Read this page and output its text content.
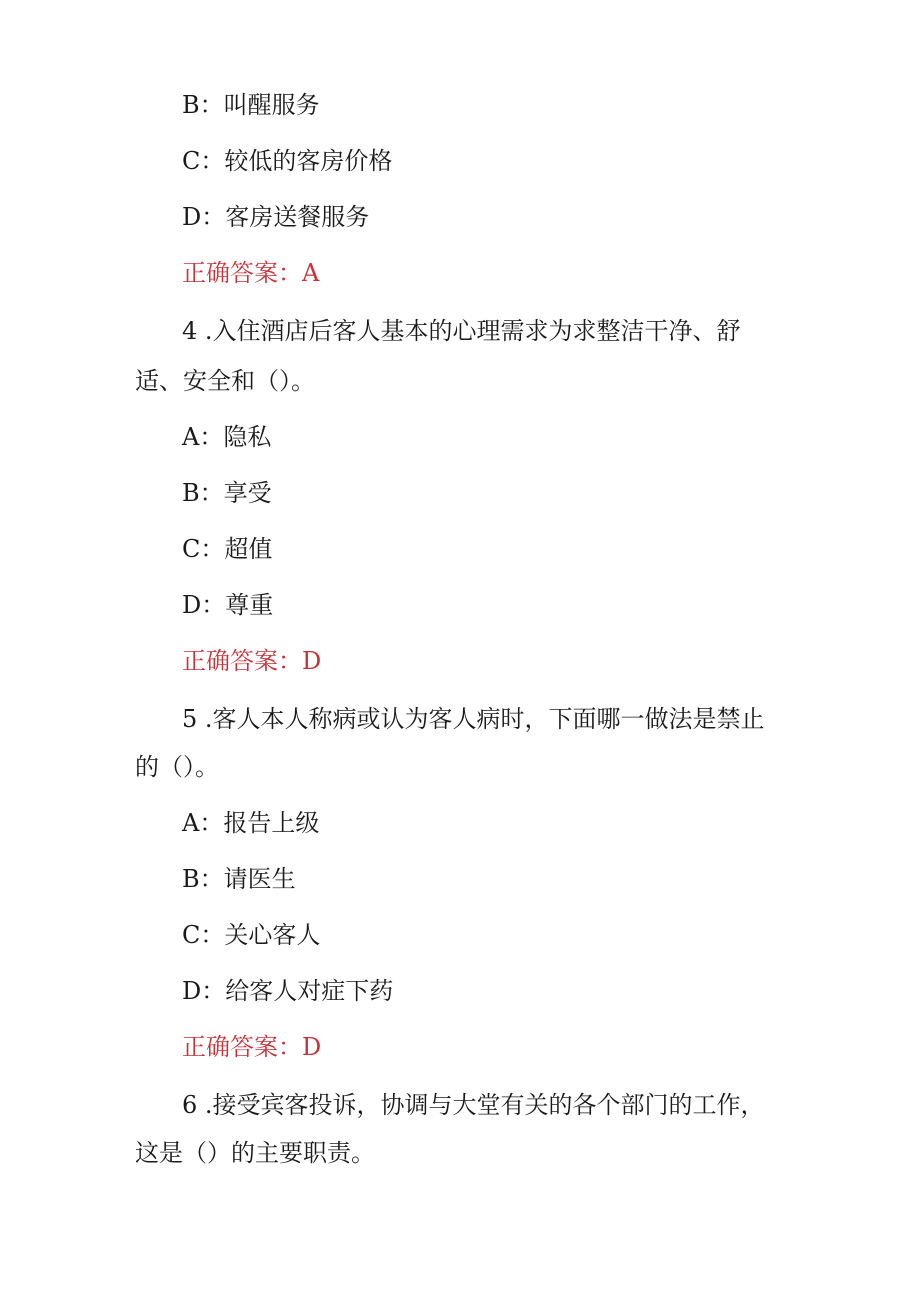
B：叫醒服务
C：较低的客房价格
D：客房送餐服务
正确答案：A
4 .入住酒店后客人基本的心理需求为求整洁干净、舒
适、安全和（）。
A：隐私
B：享受
C：超值
D：尊重
正确答案：D
5 .客人本人称病或认为客人病时，下面哪一做法是禁止
的（）。
A：报告上级
B：请医生
C：关心客人
D：给客人对症下药
正确答案：D
6 .接受宾客投诉，协调与大堂有关的各个部门的工作，
这是（）的主要职责。
